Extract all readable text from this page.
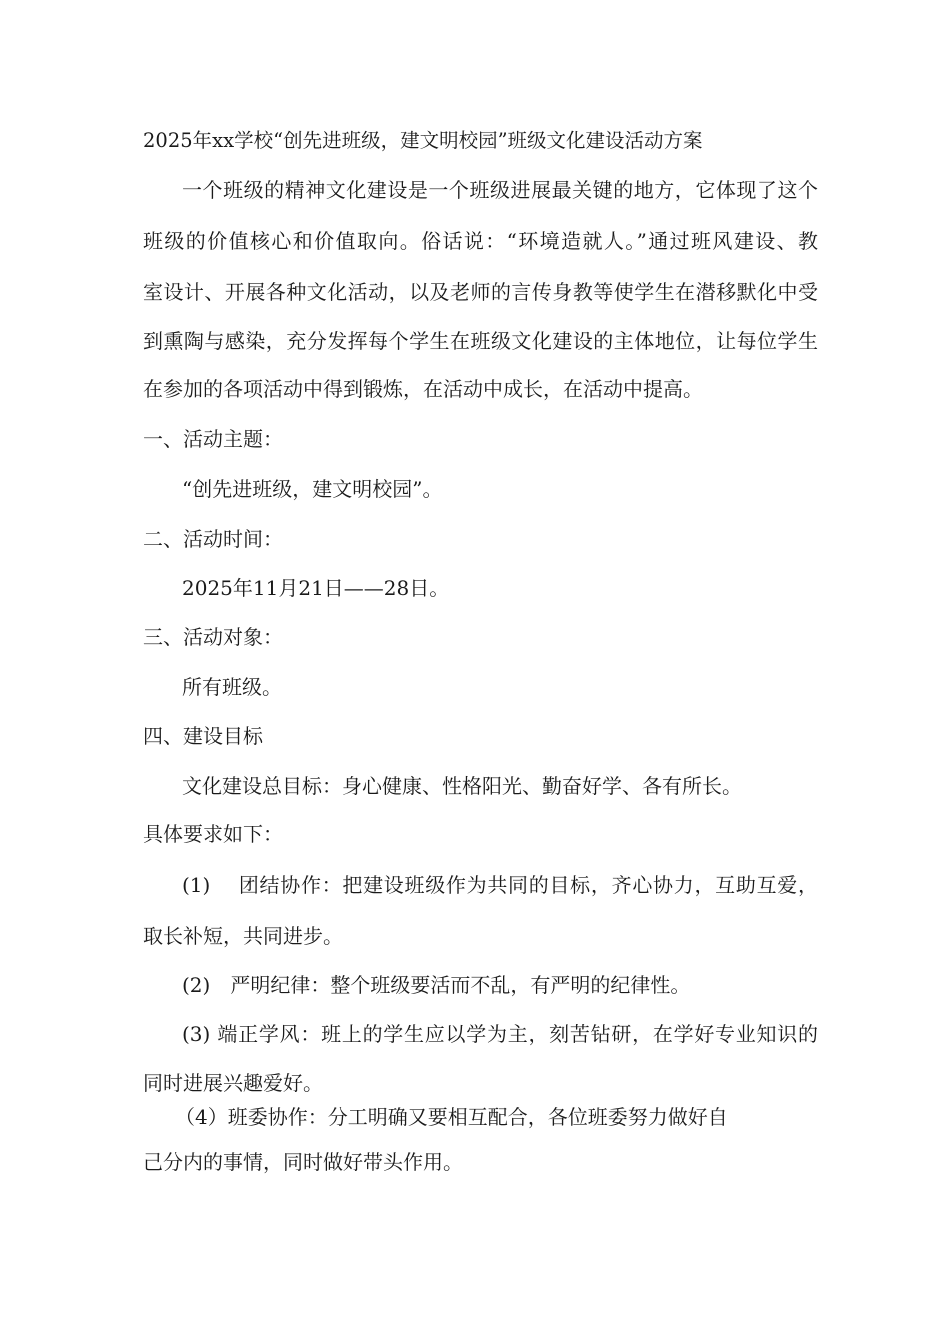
2025年xx学校“创先进班级，建文明校园”班级文化建设活动方案

一个班级的精神文化建设是一个班级进展最关键的地方，它体现了这个

班级的价值核心和价值取向。俗话说：“环境造就人。”通过班风建设、教

室设计、开展各种文化活动，以及老师的言传身教等使学生在潜移默化中受

到熏陶与感染，充分发挥每个学生在班级文化建设的主体地位，让每位学生

在参加的各项活动中得到锻炼，在活动中成长，在活动中提高。

一、活动主题：

“创先进班级，建文明校园”。

二、活动时间：

2025年11月21日——28日。

三、活动对象：

所有班级。

四、建设目标

文化建设总目标：身心健康、性格阳光、勤奋好学、各有所长。

具体要求如下：

(1)　 团结协作：把建设班级作为共同的目标，齐心协力，互助互爱，

取长补短，共同进步。

(2)　严明纪律：整个班级要活而不乱，有严明的纪律性。

(3) 端正学风：班上的学生应以学为主，刻苦钻研，在学好专业知识的

同时进展兴趣爱好。

（4）班委协作：分工明确又要相互配合，各位班委努力做好自

己分内的事情，同时做好带头作用。
